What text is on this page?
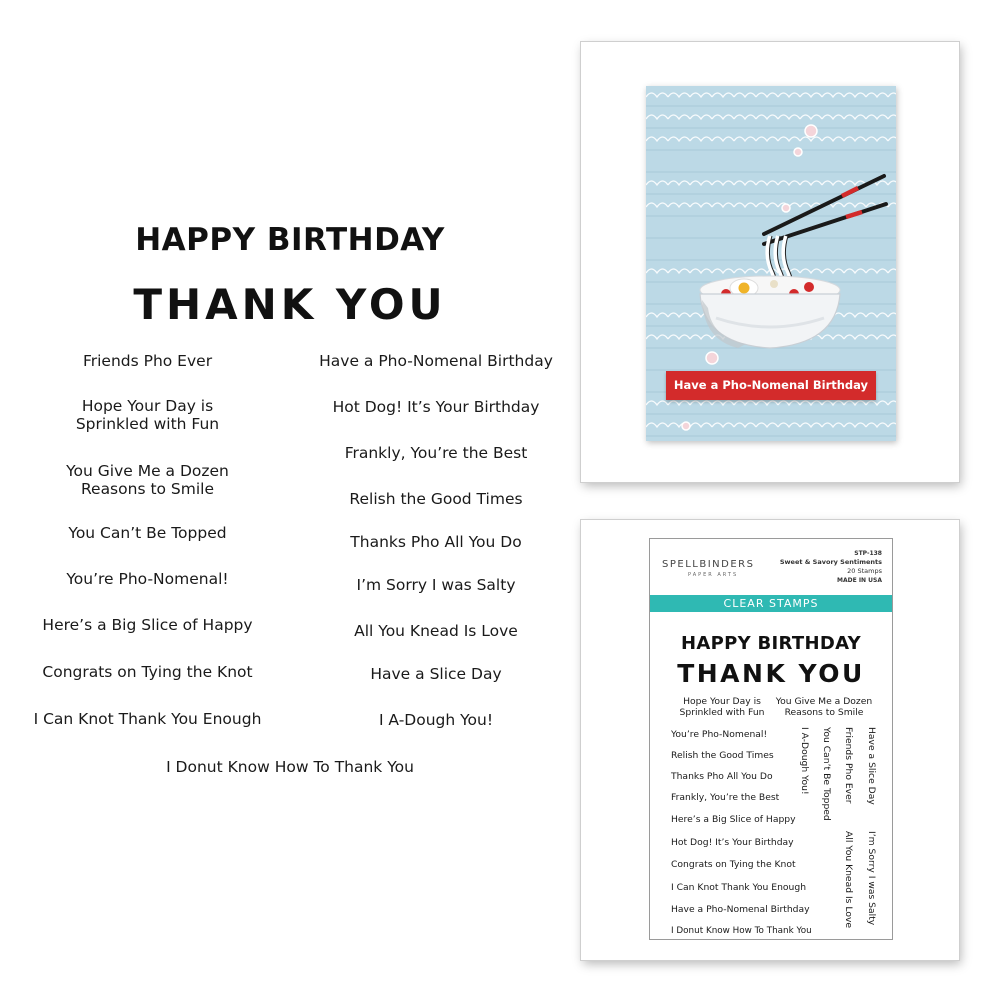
HAPPY BIRTHDAY
THANK YOU
Friends Pho Ever
Hope Your Day is
Sprinkled with Fun
You Give Me a Dozen
Reasons to Smile
You Can’t Be Topped
You’re Pho-Nomenal!
Here’s a Big Slice of Happy
Congrats on Tying the Knot
I Can Knot Thank You Enough
Have a Pho-Nomenal Birthday
Hot Dog! It’s Your Birthday
Frankly, You’re the Best
Relish the Good Times
Thanks Pho All You Do
I’m Sorry I was Salty
All You Knead Is Love
Have a Slice Day
I A-Dough You!
I Donut Know How To Thank You
Have a Pho-Nomenal Birthday
SPELLBINDERS
PAPER ARTS
STP-138
Sweet & Savory Sentiments
20 Stamps
MADE IN USA
CLEAR STAMPS
HAPPY BIRTHDAY
THANK YOU
Hope Your Day is
Sprinkled with Fun
You Give Me a Dozen
Reasons to Smile
You’re Pho-Nomenal!
Relish the Good Times
Thanks Pho All You Do
Frankly, You’re the Best
Here’s a Big Slice of Happy
Hot Dog! It’s Your Birthday
Congrats on Tying the Knot
I Can Knot Thank You Enough
Have a Pho-Nomenal Birthday
I Donut Know How To Thank You
I A-Dough You! You Can’t Be Topped Friends Pho Ever Have a Slice Day
All You Knead Is Love I’m Sorry I was Salty
